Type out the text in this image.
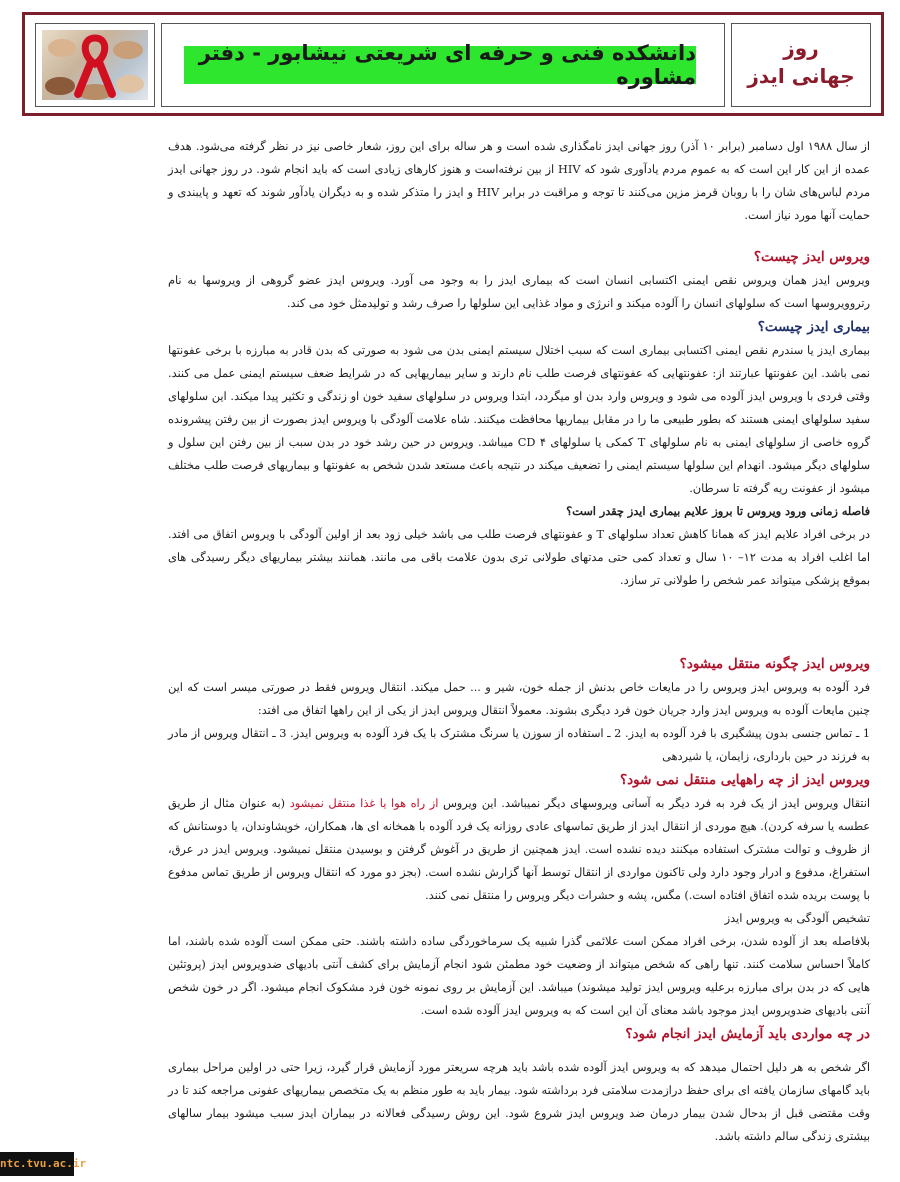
دانشکده فنی و حرفه ای شریعتی نیشابور - دفتر مشاوره
روز
جهانی ایدز

از سال ۱۹۸۸ اول دسامبر (برابر ۱۰ آذر) روز جهانی ایدز نامگذاری شده است و هر ساله برای این روز، شعار خاصی نیز در نظر گرفته می‌شود. هدف عمده از این کار این است که به عموم مردم یادآوری شود که HIV از بین نرفته‌است و هنوز کارهای زیادی است که باید انجام شود. در روز جهانی ایدز مردم لباس‌های شان را با روبان قرمز مزین می‌کنند تا توجه و مراقبت در برابر HIV و ایدز را متذکر شده و به دیگران یادآور شوند که تعهد و پایبندی و حمایت آنها مورد نیاز است.

ویروس ایدز چیست؟

ویروس ایدز همان ویروس نقص ایمنی اکتسابی انسان است که بیماری ایدز را به وجود می آورد. ویروس ایدز عضو گروهی از ویروسها به نام رتروویروسها است که سلولهای انسان را آلوده میکند و انرژی و مواد غذایی این سلولها را صرف رشد و تولیدمثل خود می کند.

بیماری ایدز چیست؟

بیماری ایدز یا سندرم نقص ایمنی اکتسابی بیماری است که سبب اختلال سیستم ایمنی بدن می شود به صورتی که بدن قادر به مبارزه با برخی عفونتها نمی باشد. این عفونتها عبارتند از: عفونتهایی که عفونتهای فرصت طلب نام دارند و سایر بیماریهایی که در شرایط ضعف سیستم ایمنی عمل می کنند. وقتی فردی با ویروس ایدز آلوده می شود و ویروس وارد بدن او میگردد، ابتدا ویروس در سلولهای سفید خون او زندگی و تکثیر پیدا میکند. این سلولهای سفید سلولهای ایمنی هستند که بطور طبیعی ما را در مقابل بیماریها محافظت میکنند. شاه علامت آلودگی با ویروس ایدز بصورت از بین رفتن پیشرونده گروه خاصی از سلولهای ایمنی به نام سلولهای T کمکی یا سلولهای CD ۴ میباشد. ویروس در حین رشد خود در بدن سبب از بین رفتن این سلول و سلولهای دیگر میشود. انهدام این سلولها سیستم ایمنی را تضعیف میکند در نتیجه باعث مستعد شدن شخص به عفونتها و بیماریهای فرصت طلب مختلف میشود از عفونت ریه گرفته تا سرطان.

فاصله زمانی ورود ویروس تا بروز علایم بیماری ایدز چقدر است؟

در برخی افراد علایم ایدز که همانا کاهش تعداد سلولهای T و عفونتهای فرصت طلب می باشد خیلی زود بعد از اولین آلودگی با ویروس اتفاق می افتد. اما اغلب افراد به مدت ۱۲– ۱۰ سال و تعداد کمی حتی مدتهای طولانی تری بدون علامت باقی می مانند. همانند بیشتر بیماریهای دیگر رسیدگی های بموقع پزشکی میتواند عمر شخص را طولانی تر سازد.

ویروس ایدز چگونه منتقل میشود؟

فرد آلوده به ویروس ایدز ویروس را در مایعات خاص بدنش از جمله خون، شیر و ... حمل میکند. انتقال ویروس فقط در صورتی میسر است که این چنین مایعات آلوده به ویروس ایدز وارد جریان خون فرد دیگری بشوند. معمولاً انتقال ویروس ایدز از یکی از این راهها اتفاق می افتد:

1 ـ تماس جنسی بدون پیشگیری با فرد آلوده به ایدز. 2 ـ استفاده از سوزن یا سرنگ مشترک با یک فرد آلوده به ویروس ایدز. 3 ـ انتقال ویروس از مادر به فرزند در حین بارداری، زایمان، یا شیردهی

ویروس ایدز از چه راههایی منتقل نمی شود؟

انتقال ویروس ایدز از یک فرد به فرد دیگر به آسانی ویروسهای دیگر نمیباشد. این ویروس از راه هوا یا غذا منتقل نمیشود (به عنوان مثال از طریق عطسه یا سرفه کردن). هیچ موردی از انتقال ایدز از طریق تماسهای عادی روزانه یک فرد آلوده با همخانه ای ها، همکاران، خویشاوندان، یا دوستانش که از ظروف و توالت مشترک استفاده میکنند دیده نشده است. ایدز همچنین از طریق در آغوش گرفتن و بوسیدن منتقل نمیشود. ویروس ایدز در عرق، استفراغ، مدفوع و ادرار وجود دارد ولی تاکنون مواردی از انتقال توسط آنها گزارش نشده است. (بجز دو مورد که انتقال ویروس از طریق تماس مدفوع با پوست بریده شده اتفاق افتاده است.) مگس، پشه و حشرات دیگر ویروس را منتقل نمی کنند.

تشخیص آلودگی به ویروس ایدز

بلافاصله بعد از آلوده شدن، برخی افراد ممکن است علائمی گذرا شبیه یک سرماخوردگی ساده داشته باشند. حتی ممکن است آلوده شده باشند، اما کاملاً احساس سلامت کنند. تنها راهی که شخص میتواند از وضعیت خود مطمئن شود انجام آزمایش برای کشف آنتی بادیهای ضدویروس ایدز (پروتئین هایی که در بدن برای مبارزه برعلیه ویروس ایدز تولید میشوند) میباشد. این آزمایش بر روی نمونه خون فرد مشکوک انجام میشود. اگر در خون شخص آنتی بادیهای ضدویروس ایدز موجود باشد معنای آن این است که به ویروس ایدز آلوده شده است.

در چه مواردی باید آزمایش ایدز انجام شود؟

اگر شخص به هر دلیل احتمال میدهد که به ویروس ایدز آلوده شده باشد باید هرچه سریعتر مورد آزمایش قرار گیرد، زیرا حتی در اولین مراحل بیماری باید گامهای سازمان یافته ای برای حفظ درازمدت سلامتی فرد برداشته شود. بیمار باید به طور منظم به یک متخصص بیماریهای عفونی مراجعه کند تا در وقت مقتضی قبل از بدحال شدن بیمار درمان ضد ویروس ایدز شروع شود. این روش رسیدگی فعالانه در بیماران ایدز سبب میشود بیمار سالهای بیشتری زندگی سالم داشته باشد.

ntc.tvu.ac.ir
